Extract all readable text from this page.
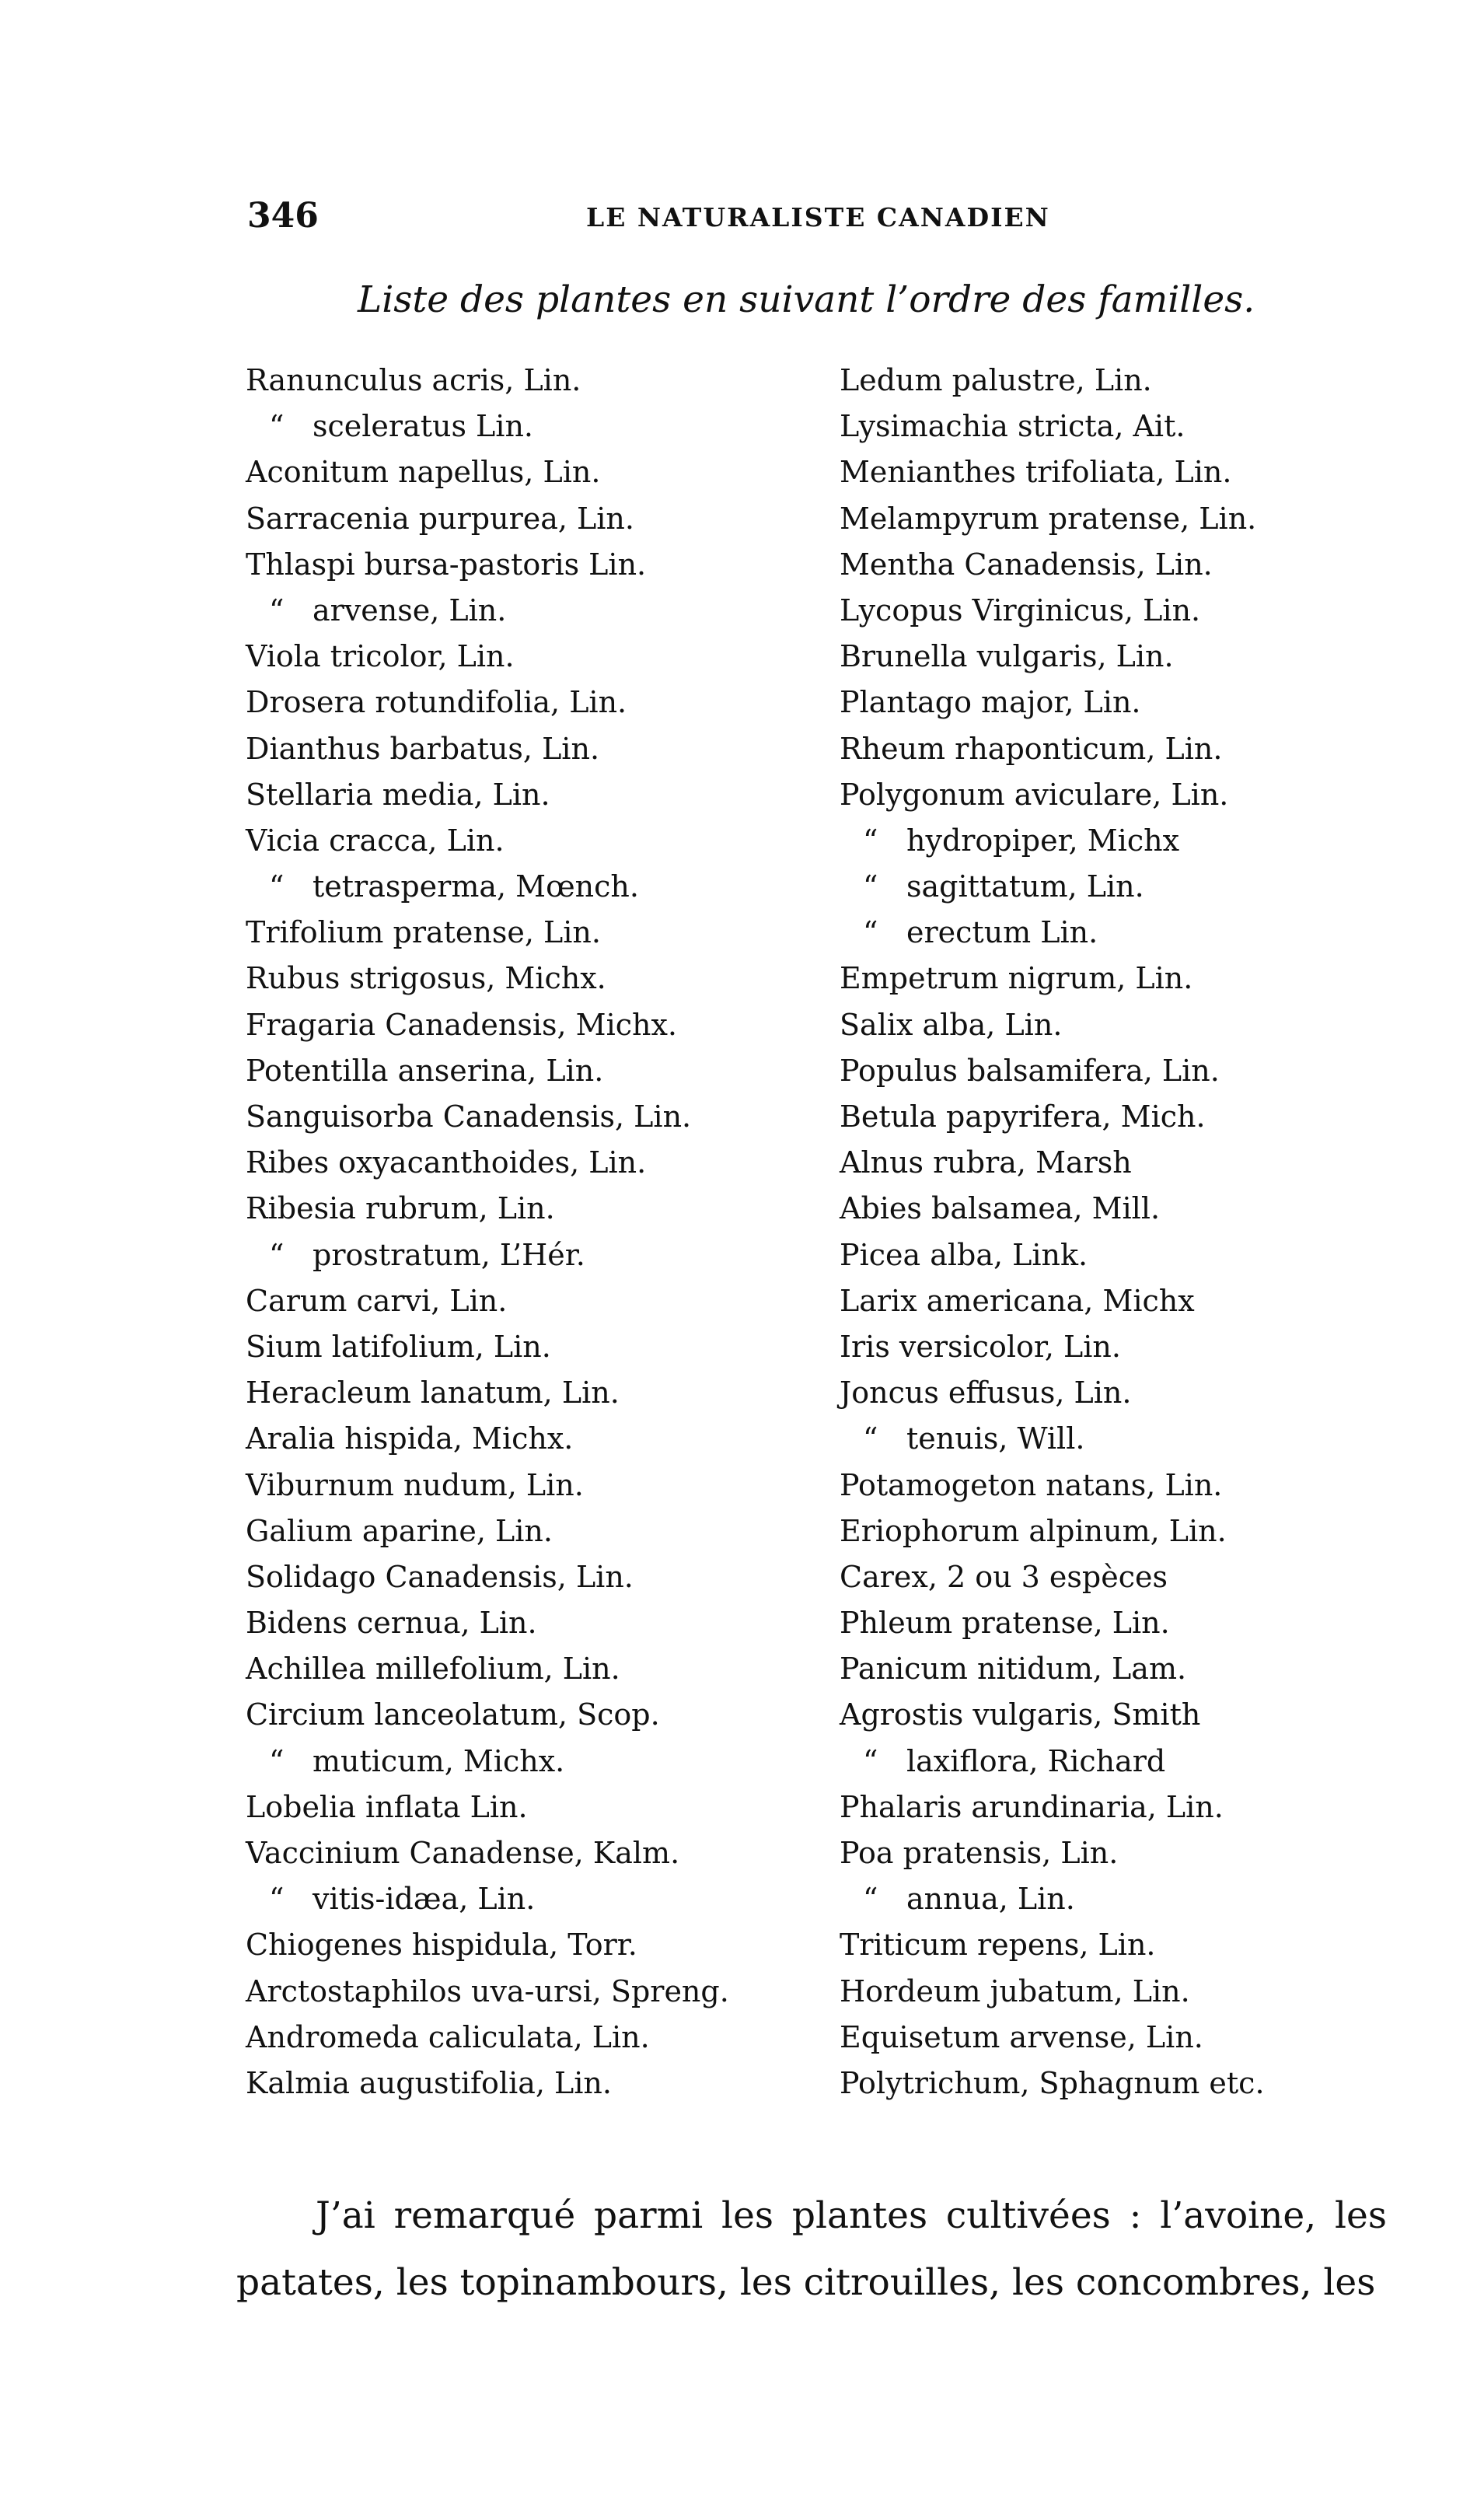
346	LE NATURALISTE CANADIEN
Liste des plantes en suivant l’ordre des familles.
Ranunculus acris, Lin.
“ sceleratus Lin.
Aconitum napellus, Lin.
Sarracenia purpurea, Lin.
Thlaspi bursa-pastoris Lin.
“ arvense, Lin.
Viola tricolor, Lin.
Drosera rotundifolia, Lin.
Dianthus barbatus, Lin.
Stellaria media, Lin.
Vicia cracca, Lin.
“ tetrasperma, Mœnch.
Trifolium pratense, Lin.
Rubus strigosus, Michx.
Fragaria Canadensis, Michx.
Potentilla anserina, Lin.
Sanguisorba Canadensis, Lin.
Ribes oxyacanthoides, Lin.
Ribesia rubrum, Lin.
“ prostratum, L’Hér.
Carum carvi, Lin.
Sium latifolium, Lin.
Heracleum lanatum, Lin.
Aralia hispida, Michx.
Viburnum nudum, Lin.
Galium aparine, Lin.
Solidago Canadensis, Lin.
Bidens cernua, Lin.
Achillea millefolium, Lin.
Circium lanceolatum, Scop.
“ muticum, Michx.
Lobelia inflata Lin.
Vaccinium Canadense, Kalm.
“ vitis-idæa, Lin.
Chiogenes hispidula, Torr.
Arctostaphilos uva-ursi, Spreng.
Andromeda caliculata, Lin.
Kalmia augustifolia, Lin.
Ledum palustre, Lin.
Lysimachia stricta, Ait.
Menianthes trifoliata, Lin.
Melampyrum pratense, Lin.
Mentha Canadensis, Lin.
Lycopus Virginicus, Lin.
Brunella vulgaris, Lin.
Plantago major, Lin.
Rheum rhaponticum, Lin.
Polygonum aviculare, Lin.
“ hydropiper, Michx
“ sagittatum, Lin.
“ erectum Lin.
Empetrum nigrum, Lin.
Salix alba, Lin.
Populus balsamifera, Lin.
Betula papyrifera, Mich.
Alnus rubra, Marsh
Abies balsamea, Mill.
Picea alba, Link.
Larix americana, Michx
Iris versicolor, Lin.
Joncus effusus, Lin.
“ tenuis, Will.
Potamogeton natans, Lin.
Eriophorum alpinum, Lin.
Carex, 2 ou 3 espèces
Phleum pratense, Lin.
Panicum nitidum, Lam.
Agrostis vulgaris, Smith
“ laxiflora, Richard
Phalaris arundinaria, Lin.
Poa pratensis, Lin.
“ annua, Lin.
Triticum repens, Lin.
Hordeum jubatum, Lin.
Equisetum arvense, Lin.
Polytrichum, Sphagnum etc.

J’ai remarqué parmi les plantes cultivées : l’avoine, les patates, les topinambours, les citrouilles, les concombres, les
